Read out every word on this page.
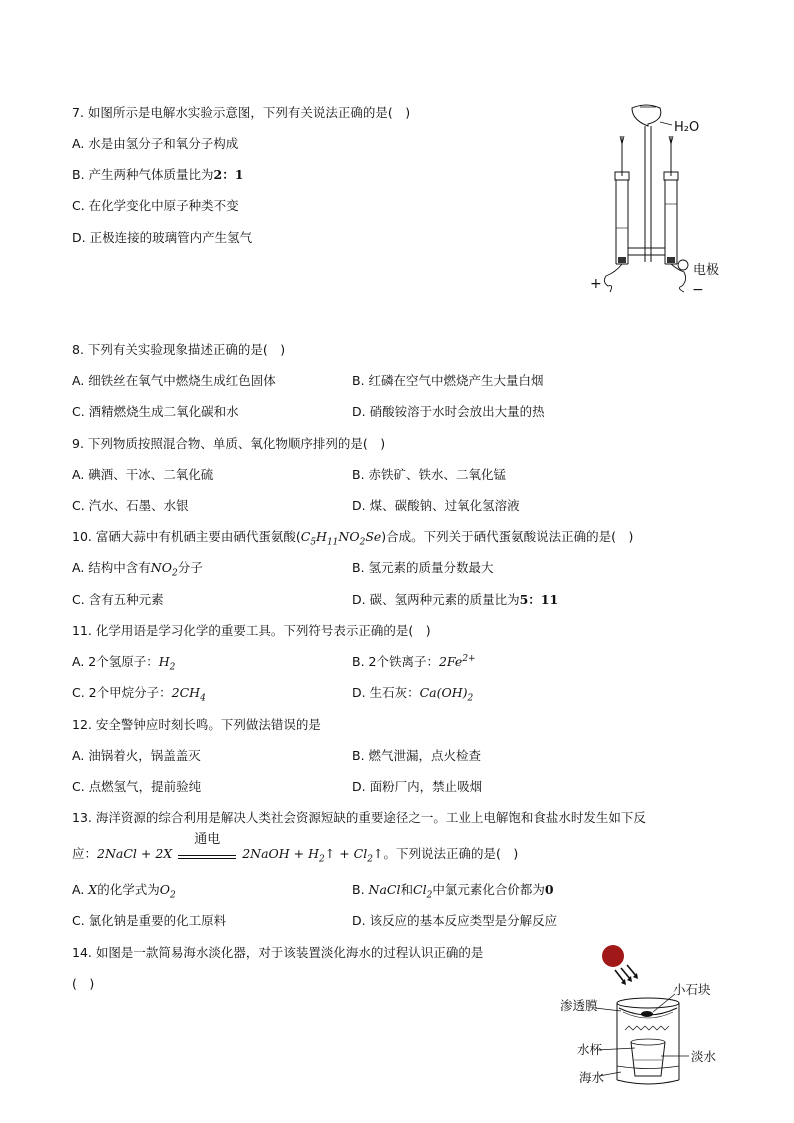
7. 如图所示是电解水实验示意图，下列有关说法正确的是(　)
A. 水是由氢分子和氧分子构成
B. 产生两种气体质量比为2：1
C. 在化学变化中原子种类不变
D. 正极连接的玻璃管内产生氢气
H₂O
+	−
电极
8. 下列有关实验现象描述正确的是(　)
A. 细铁丝在氧气中燃烧生成红色固体	B. 红磷在空气中燃烧产生大量白烟
C. 酒精燃烧生成二氧化碳和水	D. 硝酸铵溶于水时会放出大量的热
9. 下列物质按照混合物、单质、氧化物顺序排列的是(　)
A. 碘酒、干冰、二氧化硫	B. 赤铁矿、铁水、二氧化锰
C. 汽水、石墨、水银	D. 煤、碳酸钠、过氧化氢溶液
10. 富硒大蒜中有机硒主要由硒代蛋氨酸$(C_5H_{11}NO_2Se)$合成。下列关于硒代蛋氨酸说法正确的是(　)
A. 结构中含有$NO_2$分子	B. 氢元素的质量分数最大
C. 含有五种元素	D. 碳、氢两种元素的质量比为5：11
11. 化学用语是学习化学的重要工具。下列符号表示正确的是(　)
A. 2个氢原子：$H_2$	B. 2个铁离子：$2Fe^{2+}$
C. 2个甲烷分子：$2CH_4$	D. 生石灰：$Ca(OH)_2$
12. 安全警钟应时刻长鸣。下列做法错误的是
A. 油锅着火，锅盖盖灭	B. 燃气泄漏，点火检查
C. 点燃氢气，提前验纯	D. 面粉厂内，禁止吸烟
13. 海洋资源的综合利用是解决人类社会资源短缺的重要途径之一。工业上电解饱和食盐水时发生如下反
应：2NaCl + 2X
通电
2NaOH + $H_2↑$ + $Cl_2↑$。下列说法正确的是(　)
A. X的化学式为$O_2$	B. NaCl和$Cl_2$中氯元素化合价都为0
C. 氯化钠是重要的化工原料	D. 该反应的基本反应类型是分解反应
14. 如图是一款简易海水淡化器，对于该装置淡化海水的过程认识正确的是
(　)	小石块
渗透膜
水杯	淡水
海水
